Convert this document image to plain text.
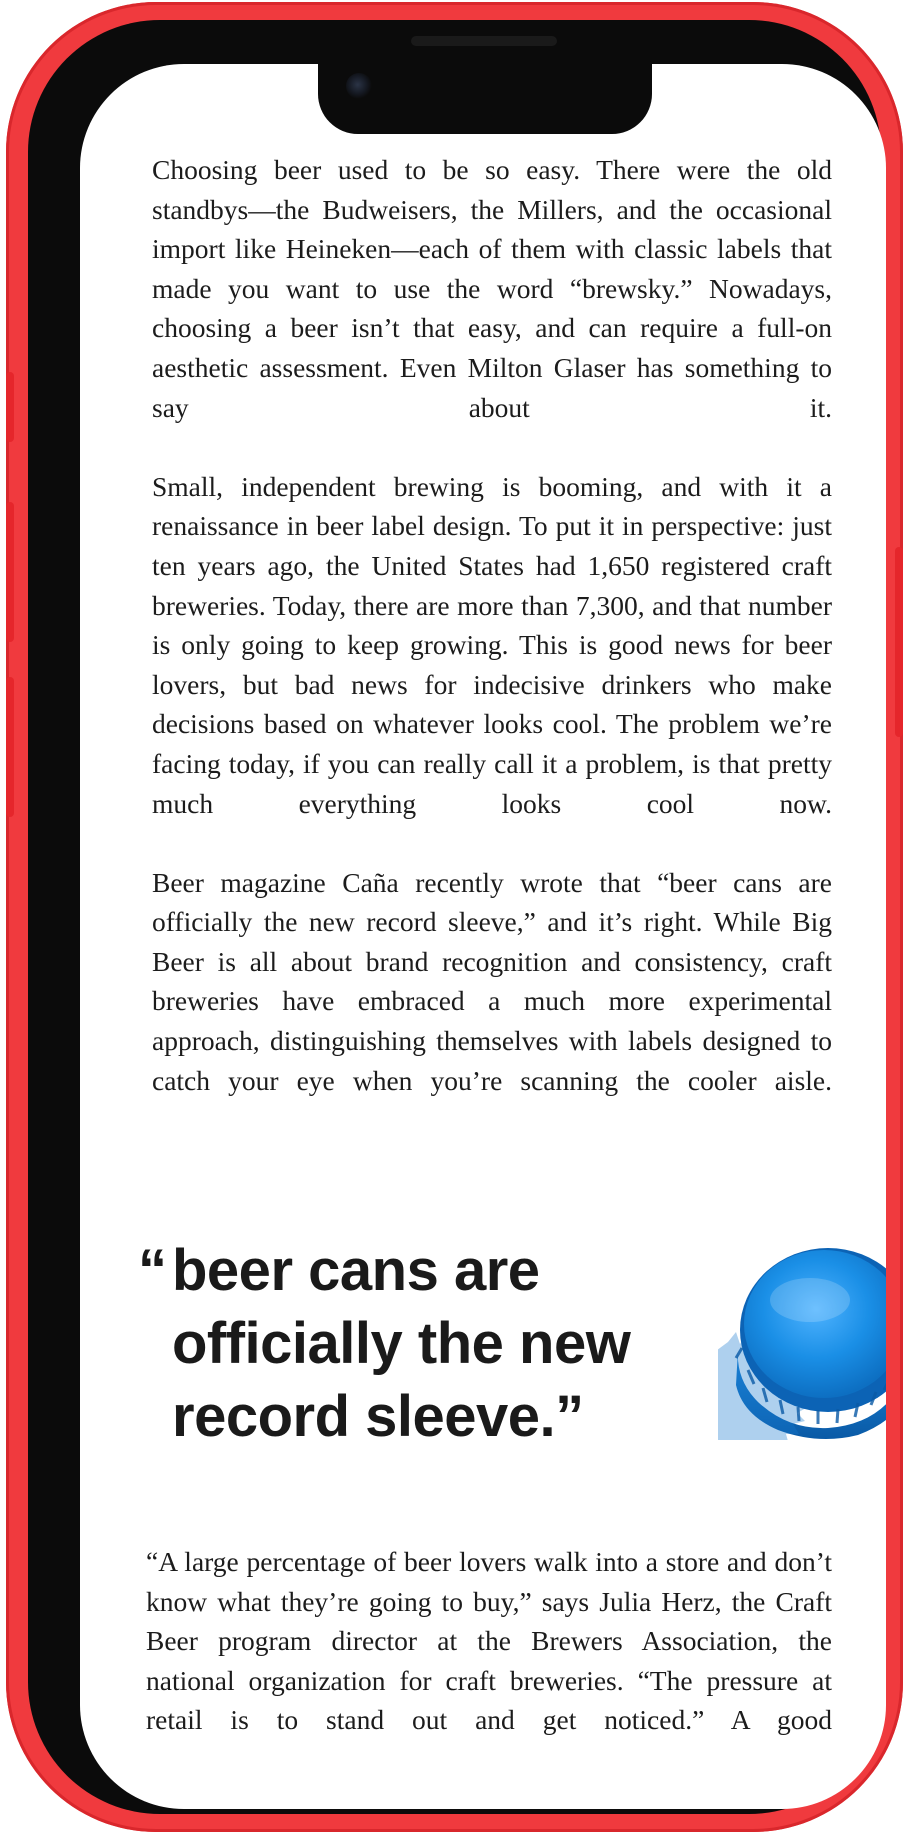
Choosing beer used to be so easy. There were the old standbys—the Budweisers, the Millers, and the occasional import like Heineken—each of them with classic labels that made you want to use the word “brewsky.” Nowadays, choosing a beer isn’t that easy, and can require a full-on aesthetic assessment. Even Milton Glaser has something to say about it.

Small, independent brewing is booming, and with it a renaissance in beer label design. To put it in perspective: just ten years ago, the United States had 1,650 registered craft breweries. Today, there are more than 7,300, and that number is only going to keep growing. This is good news for beer lovers, but bad news for indecisive drinkers who make decisions based on whatever looks cool. The problem we’re facing today, if you can really call it a problem, is that pretty much everything looks cool now.

Beer magazine Caña recently wrote that “beer cans are officially the new record sleeve,” and it’s right. While Big Beer is all about brand recognition and consistency, craft breweries have embraced a much more experimental approach, distinguishing themselves with labels designed to catch your eye when you’re scanning the cooler aisle.

“ beer cans are officially the new record sleeve.”

“A large percentage of beer lovers walk into a store and don’t know what they’re going to buy,” says Julia Herz, the Craft Beer program director at the Brewers Association, the national organization for craft breweries. “The pressure at retail is to stand out and get noticed.” A good
